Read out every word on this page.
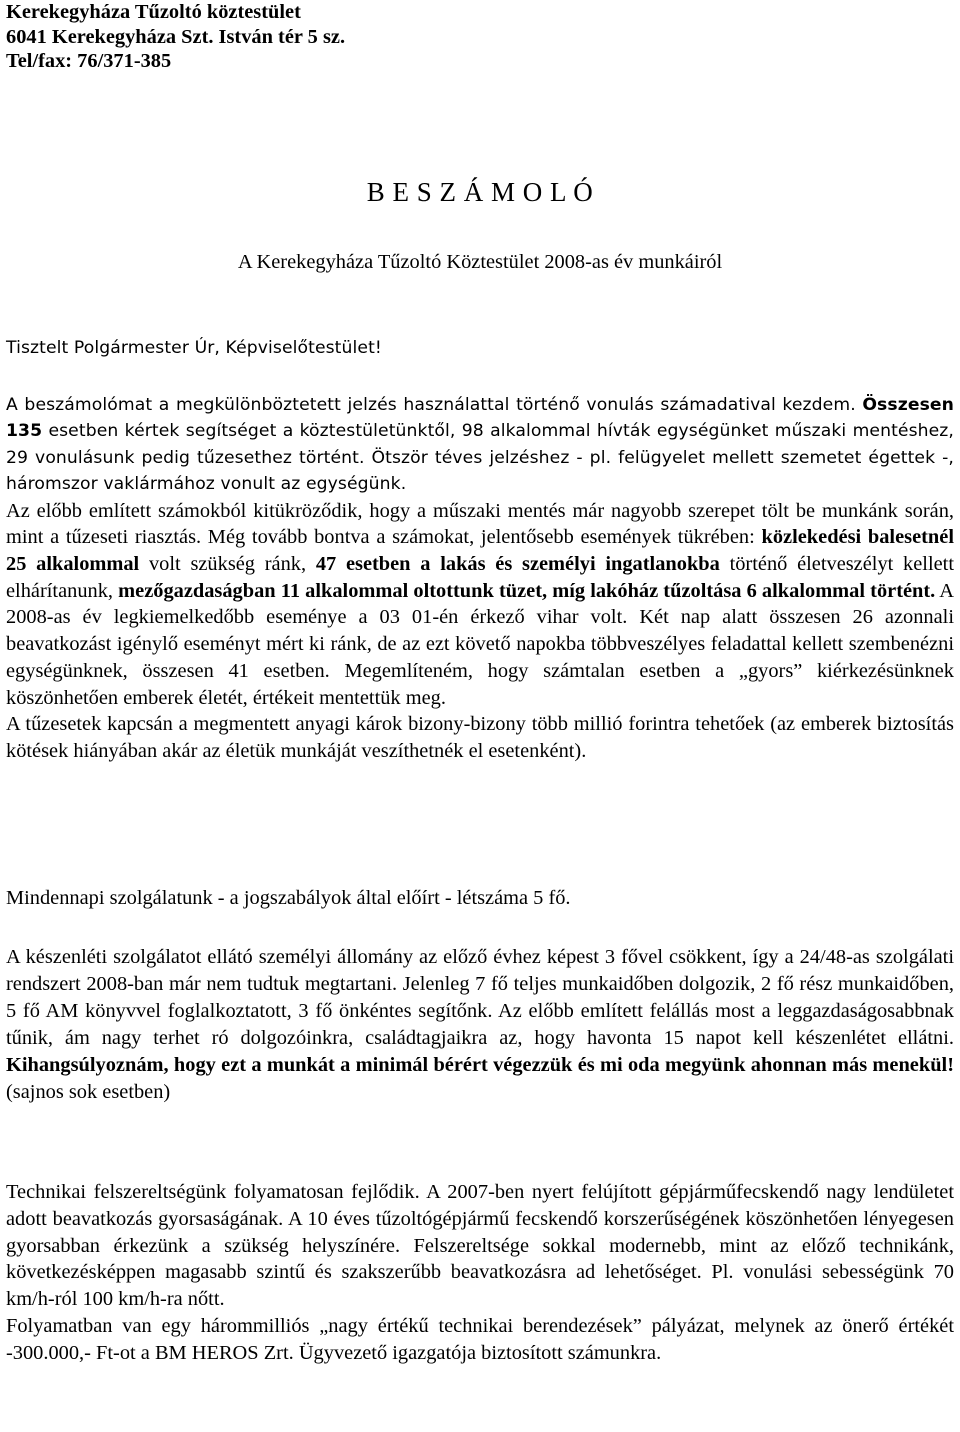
Kerekegyháza Tűzoltó köztestület
6041 Kerekegyháza Szt. István tér 5 sz.
Tel/fax: 76/371-385
B E S Z Á M O L Ó
A Kerekegyháza Tűzoltó Köztestület 2008-as év munkáiról

Tisztelt Polgármester Úr, Képviselőtestület!

A beszámolómat a megkülönböztetett jelzés használattal történő vonulás számadatival kezdem. Összesen 135 esetben kértek segítséget a köztestületünktől, 98 alkalommal hívták egységünket műszaki mentéshez, 29 vonulásunk pedig tűzesethez történt. Ötször téves jelzéshez - pl. felügyelet mellett szemetet égettek -, háromszor vaklármához vonult az egységünk.

Az előbb említett számokból kitükröződik, hogy a műszaki mentés már nagyobb szerepet tölt be munkánk során, mint a tűzeseti riasztás. Még tovább bontva a számokat, jelentősebb események tükrében: közlekedési balesetnél 25 alkalommal volt szükség ránk, 47 esetben a lakás és személyi ingatlanokba történő életveszélyt kellett elhárítanunk, mezőgazdaságban 11 alkalommal oltottunk tüzet, míg lakóház tűzoltása 6 alkalommal történt. A 2008-as év legkiemelkedőbb eseménye a 03 01-én érkező vihar volt. Két nap alatt összesen 26 azonnali beavatkozást igénylő eseményt mért ki ránk, de az ezt követő napokba többveszélyes feladattal kellett szembenézni egységünknek, összesen 41 esetben. Megemlíteném, hogy számtalan esetben a „gyors” kiérkezésünknek köszönhetően emberek életét, értékeit mentettük meg.

A tűzesetek kapcsán a megmentett anyagi károk bizony-bizony több millió forintra tehetőek (az emberek biztosítás kötések hiányában akár az életük munkáját veszíthetnék el esetenként).

Mindennapi szolgálatunk - a jogszabályok által előírt - létszáma 5 fő.

A készenléti szolgálatot ellátó személyi állomány az előző évhez képest 3 fővel csökkent, így a 24/48-as szolgálati rendszert 2008-ban már nem tudtuk megtartani. Jelenleg 7 fő teljes munkaidőben dolgozik, 2 fő rész munkaidőben, 5 fő AM könyvvel foglalkoztatott, 3 fő önkéntes segítőnk. Az előbb említett felállás most a leggazdaságosabbnak tűnik, ám nagy terhet ró dolgozóinkra, családtagjaikra az, hogy havonta 15 napot kell készenlétet ellátni. Kihangsúlyoznám, hogy ezt a munkát a minimál bérért végezzük és mi oda megyünk ahonnan más menekül! (sajnos sok esetben)

Technikai felszereltségünk folyamatosan fejlődik. A 2007-ben nyert felújított gépjárműfecskendő nagy lendületet adott beavatkozás gyorsaságának. A 10 éves tűzoltógépjármű fecskendő korszerűségének köszönhetően lényegesen gyorsabban érkezünk a szükség helyszínére. Felszereltsége sokkal modernebb, mint az előző technikánk, következésképpen magasabb szintű és szakszerűbb beavatkozásra ad lehetőséget. Pl. vonulási sebességünk 70 km/h-ról 100 km/h-ra nőtt.

Folyamatban van egy hárommilliós „nagy értékű technikai berendezések” pályázat, melynek az önerő értékét -300.000,- Ft-ot a BM HEROS Zrt. Ügyvezető igazgatója biztosított számunkra.
